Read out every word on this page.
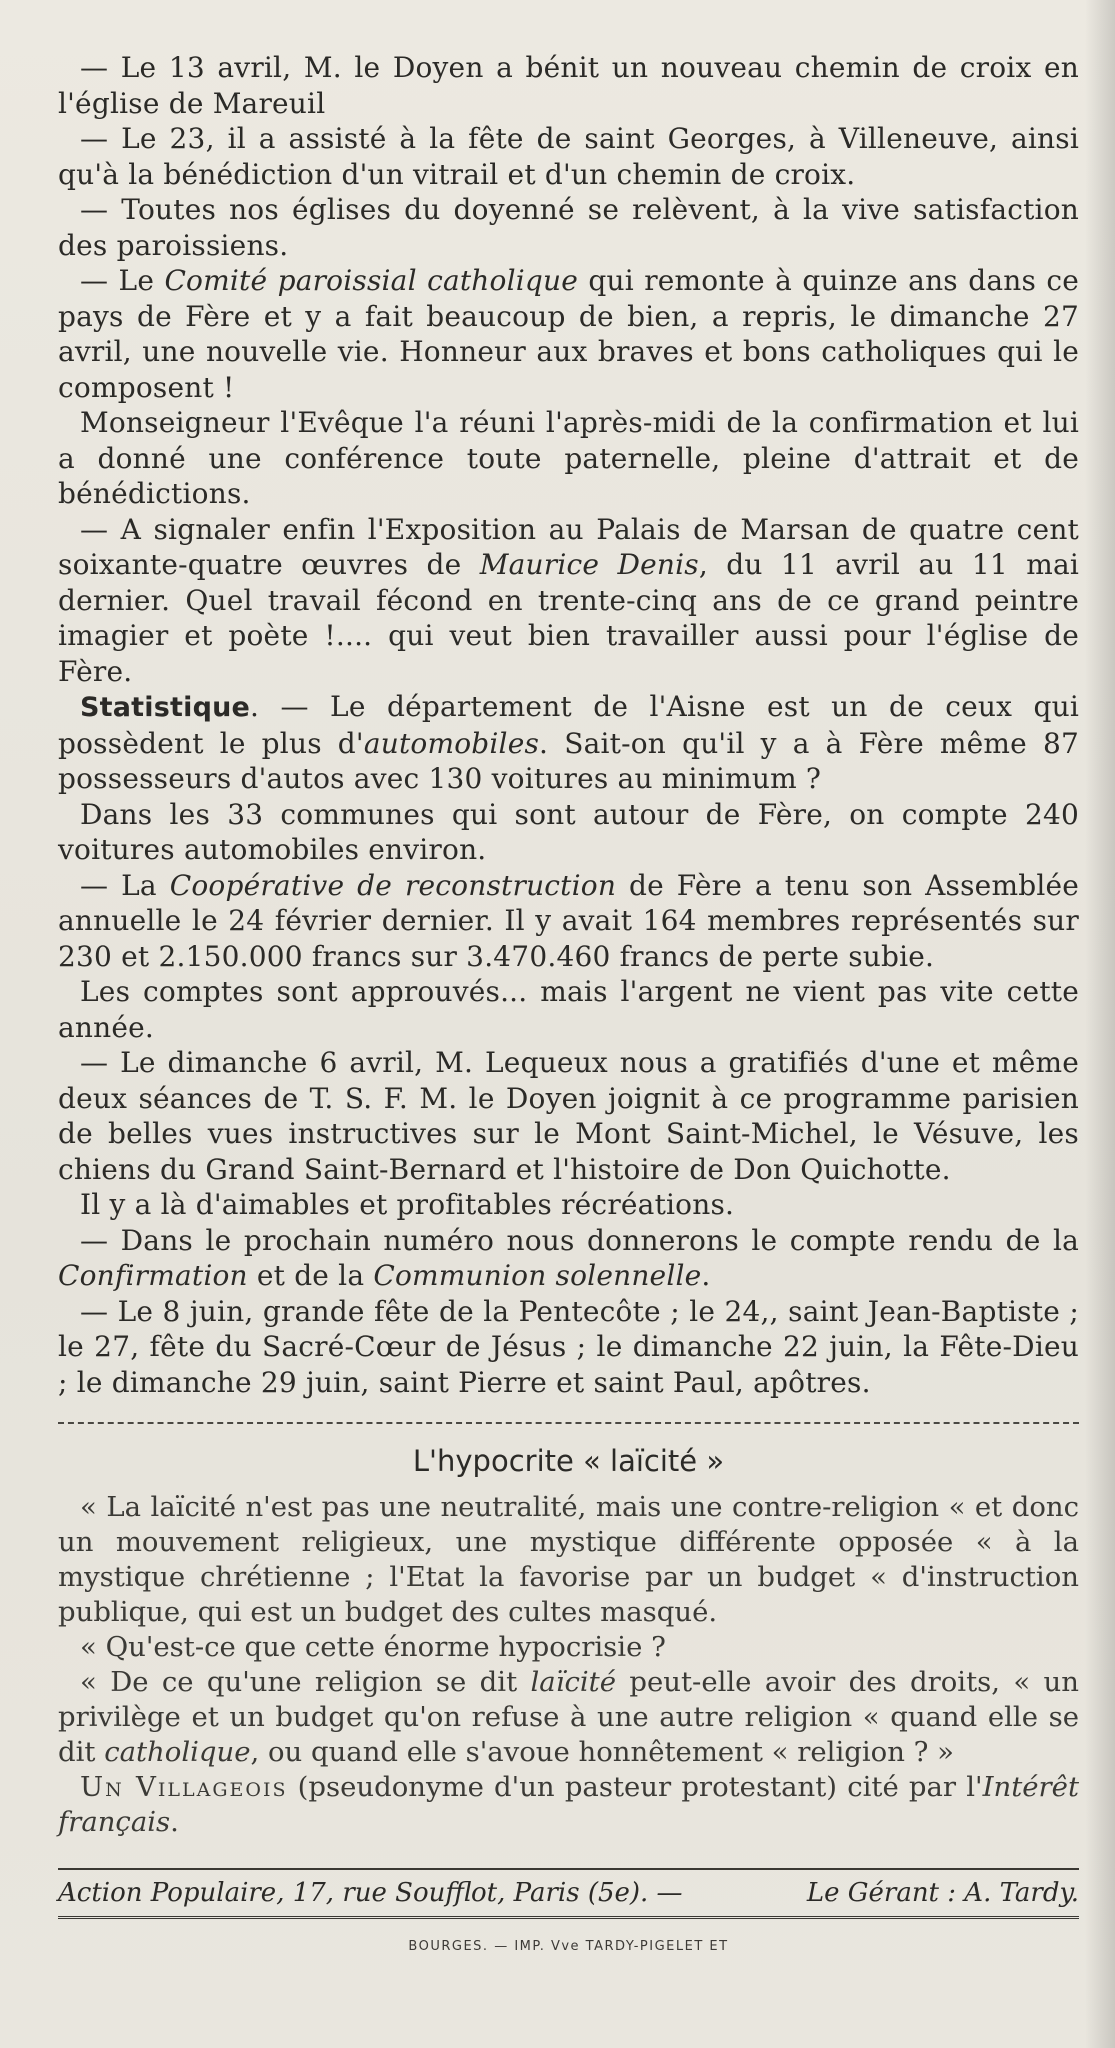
— Le 13 avril, M. le Doyen a bénit un nouveau chemin de croix en l'église de Mareuil

— Le 23, il a assisté à la fête de saint Georges, à Villeneuve, ainsi qu'à la bénédiction d'un vitrail et d'un chemin de croix.

— Toutes nos églises du doyenné se relèvent, à la vive satisfaction des paroissiens.

— Le Comité paroissial catholique qui remonte à quinze ans dans ce pays de Fère et y a fait beaucoup de bien, a repris, le dimanche 27 avril, une nouvelle vie. Honneur aux braves et bons catholiques qui le composent !

Monseigneur l'Evêque l'a réuni l'après-midi de la confirmation et lui a donné une conférence toute paternelle, pleine d'attrait et de bénédictions.

— A signaler enfin l'Exposition au Palais de Marsan de quatre cent soixante-quatre œuvres de Maurice Denis, du 11 avril au 11 mai dernier. Quel travail fécond en trente-cinq ans de ce grand peintre imagier et poète !.... qui veut bien travailler aussi pour l'église de Fère.

Statistique. — Le département de l'Aisne est un de ceux qui possèdent le plus d'automobiles. Sait-on qu'il y a à Fère même 87 possesseurs d'autos avec 130 voitures au minimum ?

Dans les 33 communes qui sont autour de Fère, on compte 240 voitures automobiles environ.

— La Coopérative de reconstruction de Fère a tenu son Assemblée annuelle le 24 février dernier. Il y avait 164 membres représentés sur 230 et 2.150.000 francs sur 3.470.460 francs de perte subie.

Les comptes sont approuvés... mais l'argent ne vient pas vite cette année.

— Le dimanche 6 avril, M. Lequeux nous a gratifiés d'une et même deux séances de T. S. F. M. le Doyen joignit à ce programme parisien de belles vues instructives sur le Mont Saint-Michel, le Vésuve, les chiens du Grand Saint-Bernard et l'histoire de Don Quichotte.

Il y a là d'aimables et profitables récréations.

— Dans le prochain numéro nous donnerons le compte rendu de la Confirmation et de la Communion solennelle.

— Le 8 juin, grande fête de la Pentecôte ; le 24,, saint Jean-Baptiste ; le 27, fête du Sacré-Cœur de Jésus ; le dimanche 22 juin, la Fête-Dieu ; le dimanche 29 juin, saint Pierre et saint Paul, apôtres.

L'hypocrite « laïcité »

« La laïcité n'est pas une neutralité, mais une contre-religion « et donc un mouvement religieux, une mystique différente opposée « à la mystique chrétienne ; l'Etat la favorise par un budget « d'instruction publique, qui est un budget des cultes masqué.

« Qu'est-ce que cette énorme hypocrisie ?

« De ce qu'une religion se dit laïcité peut-elle avoir des droits, « un privilège et un budget qu'on refuse à une autre religion « quand elle se dit catholique, ou quand elle s'avoue honnêtement « religion ? »

Un Villageois (pseudonyme d'un pasteur protestant) cité par l'Intérêt français.

Action Populaire, 17, rue Soufflot, Paris (5e). —	Le Gérant : A. Tardy.
BOURGES. — IMP. Vve TARDY-PIGELET ET
